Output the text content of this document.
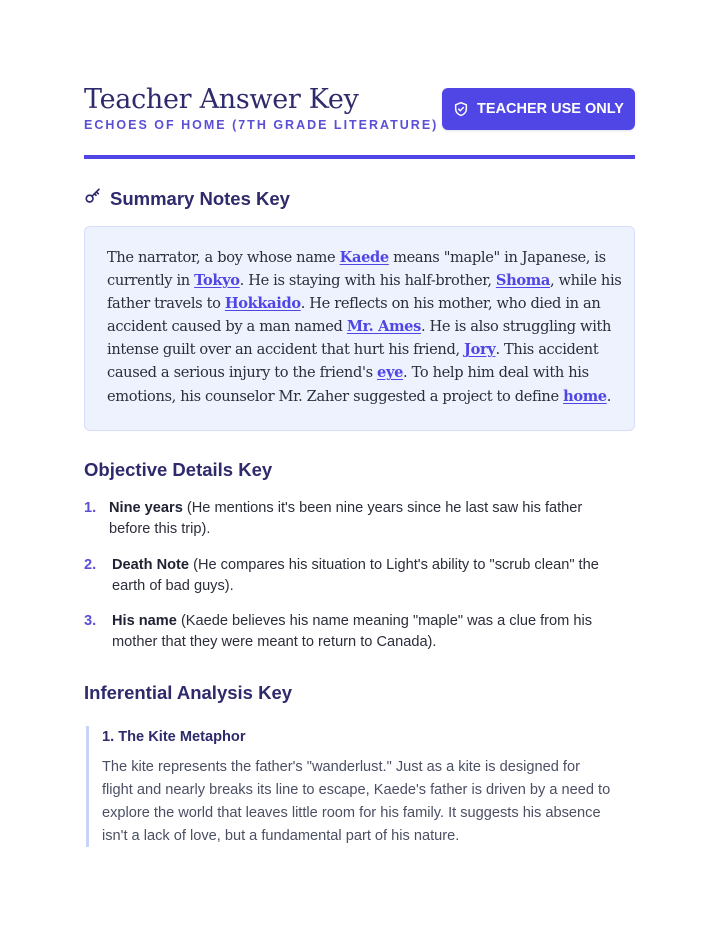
Teacher Answer Key
ECHOES OF HOME (7TH GRADE LITERATURE)
TEACHER USE ONLY
Summary Notes Key
The narrator, a boy whose name Kaede means "maple" in Japanese, is
currently in Tokyo. He is staying with his half-brother, Shoma, while his
father travels to Hokkaido. He reflects on his mother, who died in an
accident caused by a man named Mr. Ames. He is also struggling with
intense guilt over an accident that hurt his friend, Jory. This accident
caused a serious injury to the friend's eye. To help him deal with his
emotions, his counselor Mr. Zaher suggested a project to define home.
Objective Details Key
1. Nine years (He mentions it's been nine years since he last saw his father
before this trip).
2. Death Note (He compares his situation to Light's ability to "scrub clean" the
earth of bad guys).
3. His name (Kaede believes his name meaning "maple" was a clue from his
mother that they were meant to return to Canada).
Inferential Analysis Key
1. The Kite Metaphor
The kite represents the father's "wanderlust." Just as a kite is designed for
flight and nearly breaks its line to escape, Kaede's father is driven by a need to
explore the world that leaves little room for his family. It suggests his absence
isn't a lack of love, but a fundamental part of his nature.
